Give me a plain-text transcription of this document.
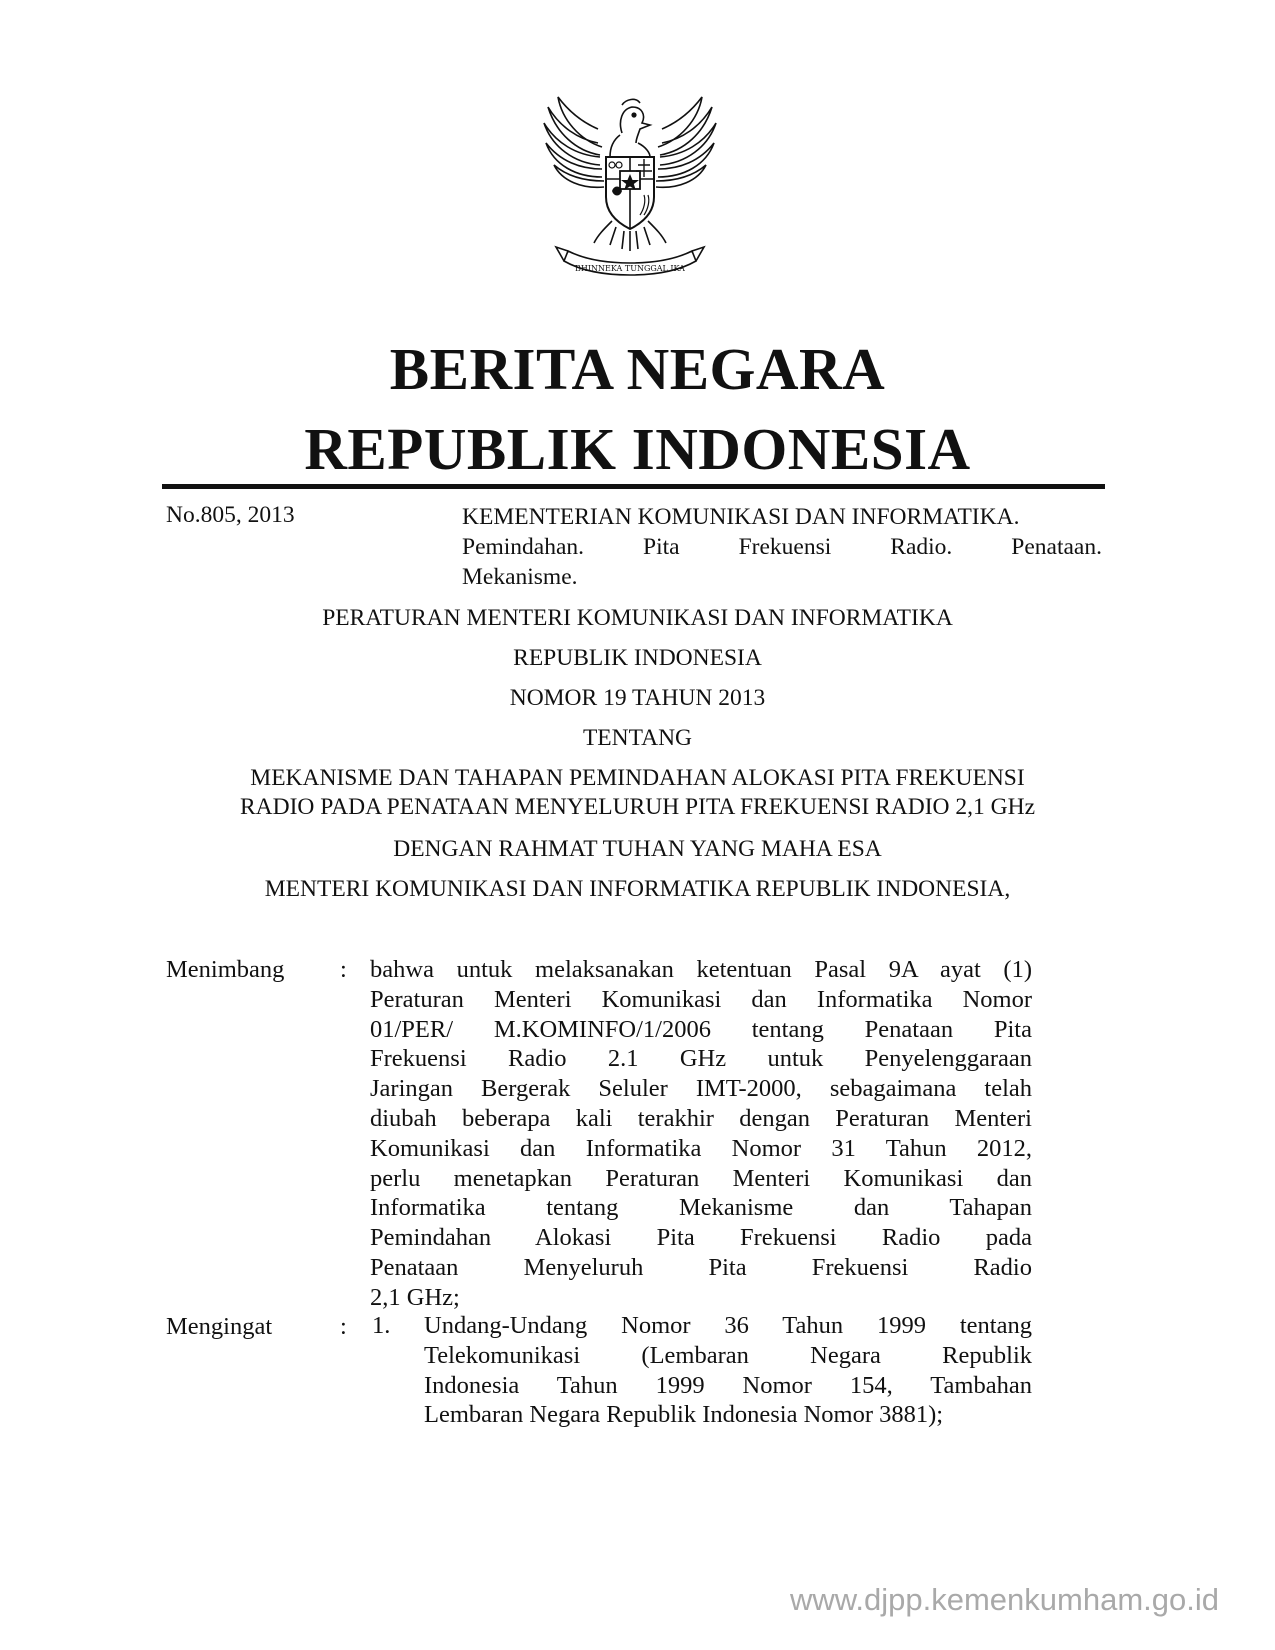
BHINNEKA TUNGGAL IKA
BERITA NEGARA
REPUBLIK INDONESIA
No.805, 2013	KEMENTERIAN KOMUNIKASI DAN INFORMATIKA.
Pemindahan. Pita Frekuensi Radio. Penataan.
Mekanisme.
PERATURAN MENTERI KOMUNIKASI DAN INFORMATIKA
REPUBLIK INDONESIA
NOMOR 19 TAHUN 2013
TENTANG
MEKANISME DAN TAHAPAN PEMINDAHAN ALOKASI PITA FREKUENSI
RADIO PADA PENATAAN MENYELURUH PITA FREKUENSI RADIO 2,1 GHz
DENGAN RAHMAT TUHAN YANG MAHA ESA
MENTERI KOMUNIKASI DAN INFORMATIKA REPUBLIK INDONESIA,
Menimbang : bahwa untuk melaksanakan ketentuan Pasal 9A ayat (1)
Peraturan Menteri Komunikasi dan Informatika Nomor
01/PER/ M.KOMINFO/1/2006 tentang Penataan Pita
Frekuensi Radio 2.1 GHz untuk Penyelenggaraan
Jaringan Bergerak Seluler IMT-2000, sebagaimana telah
diubah beberapa kali terakhir dengan Peraturan Menteri
Komunikasi dan Informatika Nomor 31 Tahun 2012,
perlu menetapkan Peraturan Menteri Komunikasi dan
Informatika tentang Mekanisme dan Tahapan
Pemindahan Alokasi Pita Frekuensi Radio pada
Penataan Menyeluruh Pita Frekuensi Radio
2,1 GHz;
Mengingat	: 1. Undang-Undang Nomor 36 Tahun 1999 tentang
Telekomunikasi (Lembaran Negara Republik
Indonesia Tahun 1999 Nomor 154, Tambahan
Lembaran Negara Republik Indonesia Nomor 3881);
www.djpp.kemenkumham.go.id
